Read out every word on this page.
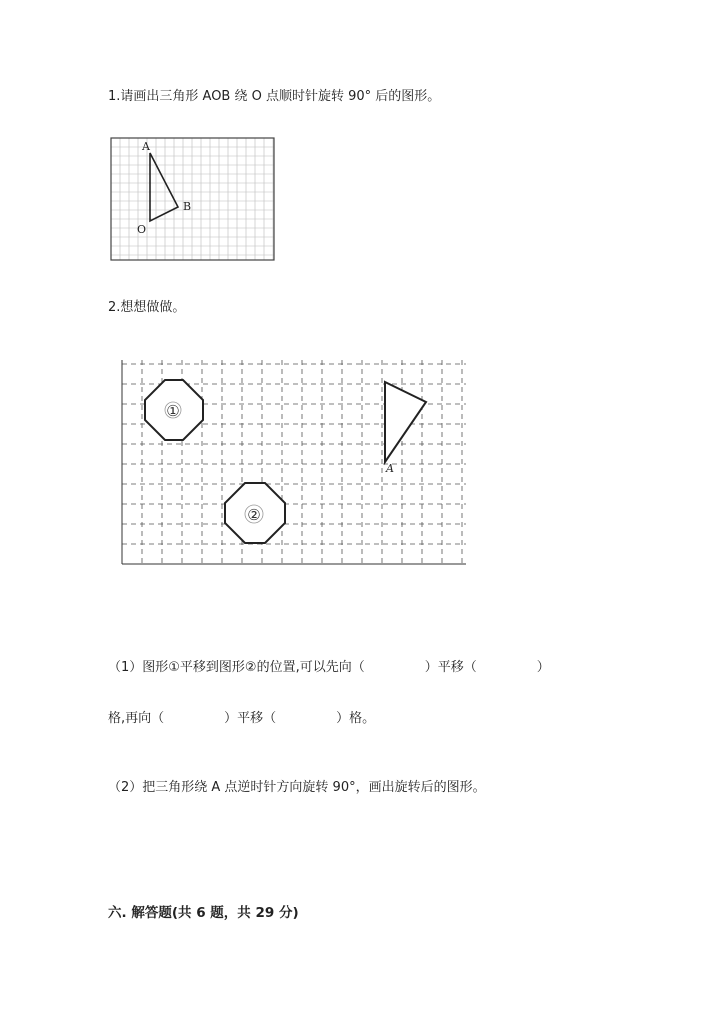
1.请画出三角形 AOB 绕 O 点顺时针旋转 90° 后的图形。
A
B
O
2.想想做做。
①
②
A
（1）图形①平移到图形②的位置,可以先向（	）平移（	）
格,再向（	）平移（	）格。
（2）把三角形绕 A 点逆时针方向旋转 90°，画出旋转后的图形。
六. 解答题(共 6 题，共 29 分)
